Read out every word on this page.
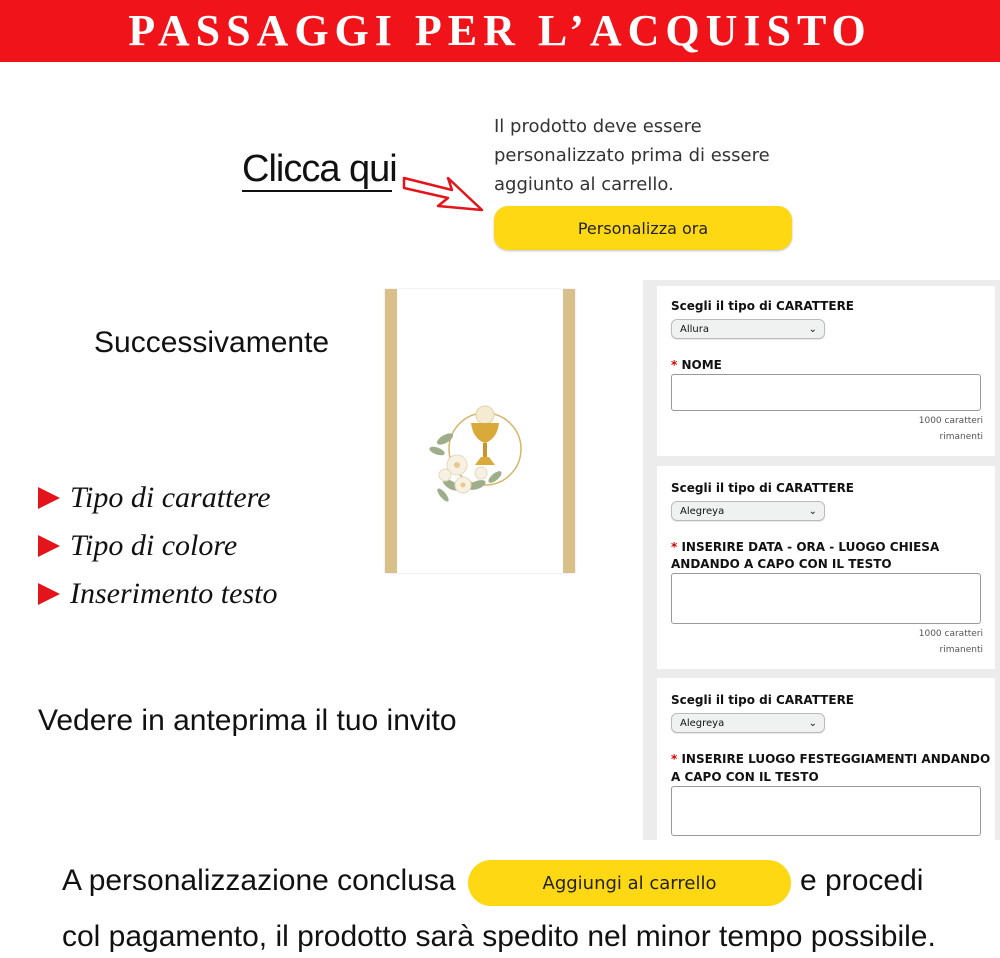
PASSAGGI PER L’ACQUISTO
Clicca qui
Il prodotto deve essere
personalizzato prima di essere
aggiunto al carrello.
Personalizza ora
Successivamente
Tipo di carattere
Tipo di colore
Inserimento testo
Vedere in anteprima il tuo invito
Scegli il tipo di CARATTERE
Allura	⌄
* NOME
1000 caratteri
rimanenti
Scegli il tipo di CARATTERE
Alegreya	⌄
* INSERIRE DATA - ORA - LUOGO CHIESA
ANDANDO A CAPO CON IL TESTO
1000 caratteri
rimanenti
Scegli il tipo di CARATTERE
Alegreya	⌄
* INSERIRE LUOGO FESTEGGIAMENTI ANDANDO
A CAPO CON IL TESTO
A personalizzazione conclusa	Aggiungi al carrello	e procedi
col pagamento, il prodotto sarà spedito nel minor tempo possibile.
